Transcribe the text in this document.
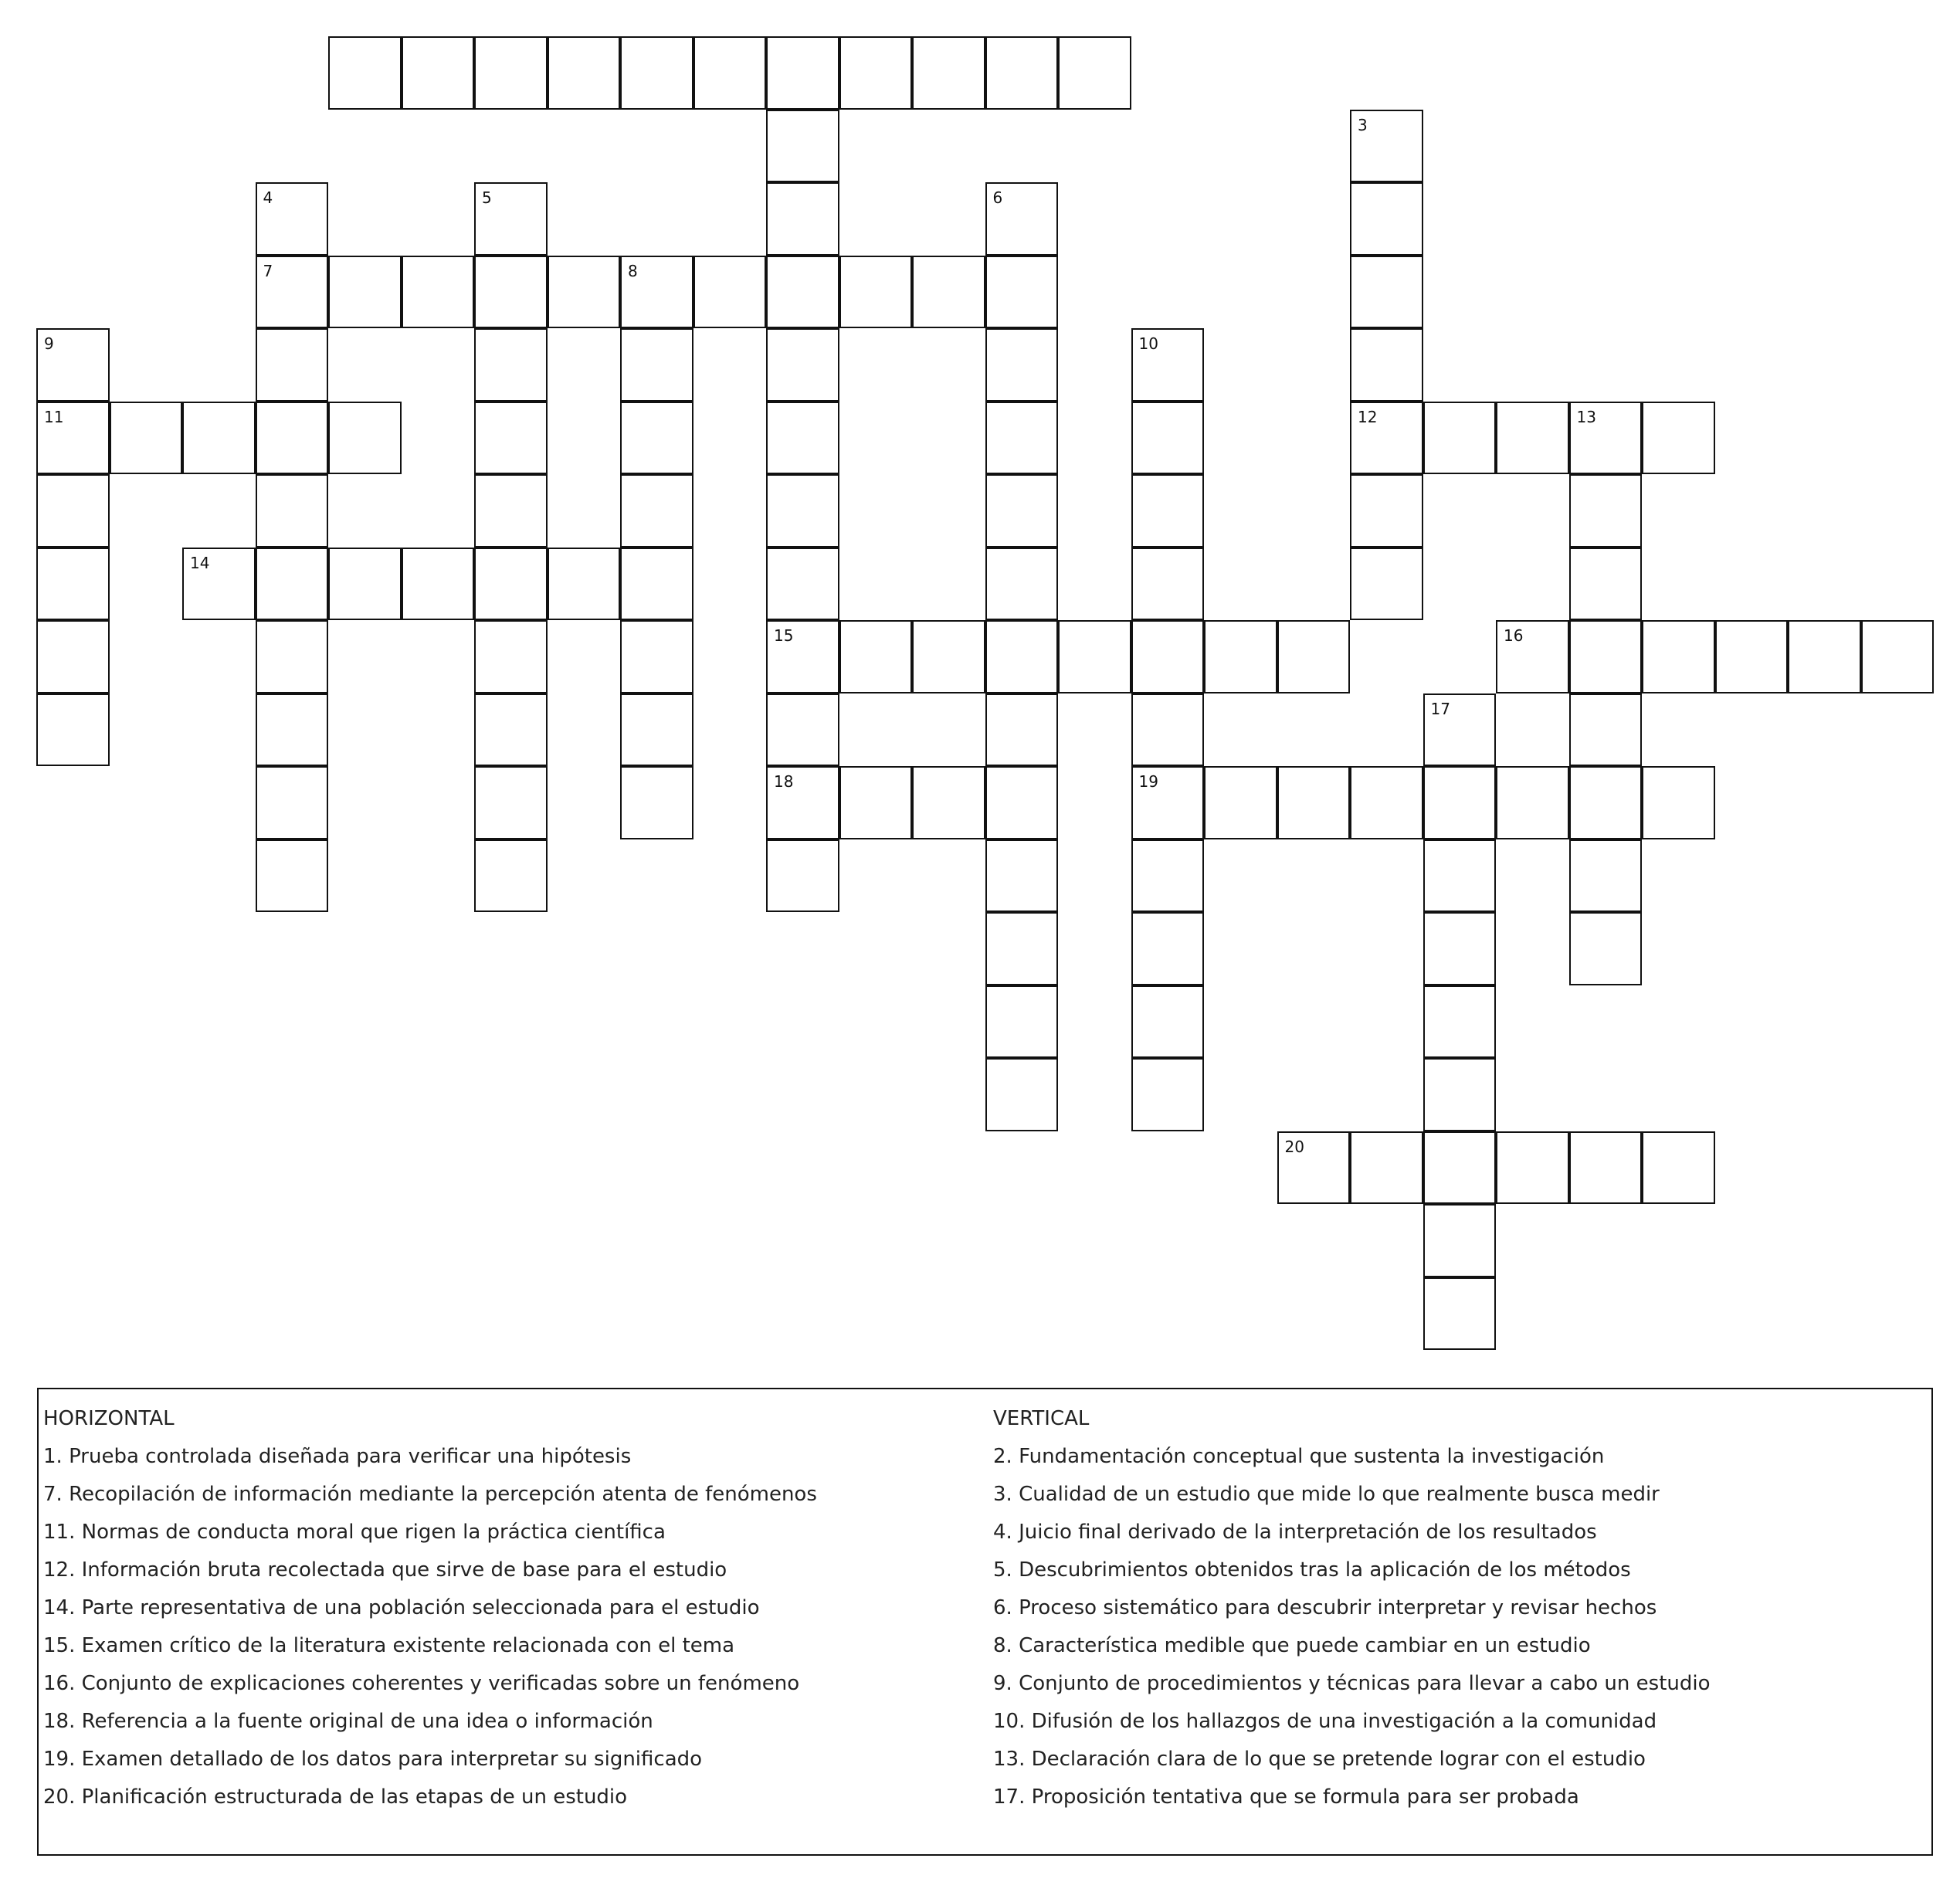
3
4
7
5	6
8
9
11
10
19
12	13
14
15	16
17
18
20
HORIZONTAL
1. Prueba controlada diseñada para verificar una hipótesis
7. Recopilación de información mediante la percepción atenta de fenómenos
11. Normas de conducta moral que rigen la práctica científica
12. Información bruta recolectada que sirve de base para el estudio
14. Parte representativa de una población seleccionada para el estudio
15. Examen crítico de la literatura existente relacionada con el tema
16. Conjunto de explicaciones coherentes y verificadas sobre un fenómeno
18. Referencia a la fuente original de una idea o información
19. Examen detallado de los datos para interpretar su significado
20. Planificación estructurada de las etapas de un estudio
VERTICAL
2. Fundamentación conceptual que sustenta la investigación
3. Cualidad de un estudio que mide lo que realmente busca medir
4. Juicio final derivado de la interpretación de los resultados
5. Descubrimientos obtenidos tras la aplicación de los métodos
6. Proceso sistemático para descubrir interpretar y revisar hechos
8. Característica medible que puede cambiar en un estudio
9. Conjunto de procedimientos y técnicas para llevar a cabo un estudio
10. Difusión de los hallazgos de una investigación a la comunidad
13. Declaración clara de lo que se pretende lograr con el estudio
17. Proposición tentativa que se formula para ser probada
